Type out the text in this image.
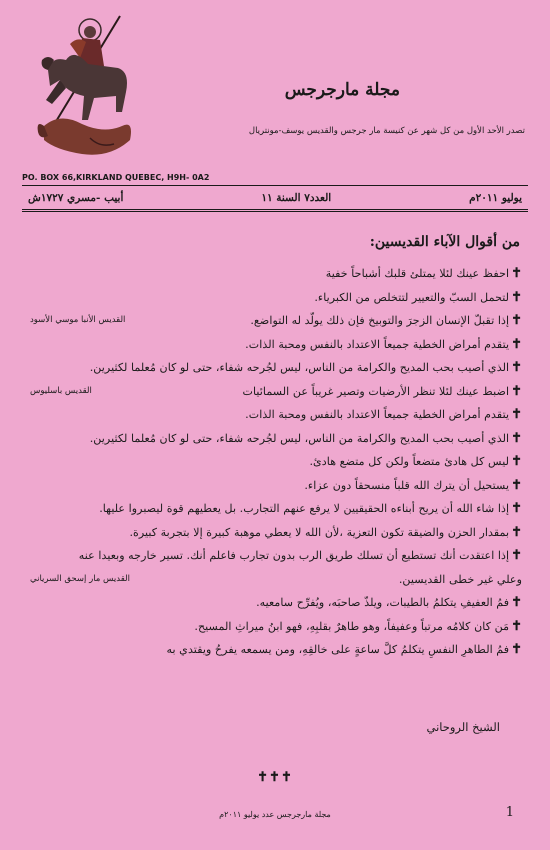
مجلة مارجرجس
تصدر الأحد الأول من كل شهر عن كنيسة مار جرجس والقديس يوسف-مونتريال
PO. BOX 66,KIRKLAND QUEBEC, H9H- 0A2
يوليو ٢٠١١م
العدد٧ السنة ١١
أبيب -مسري ١٧٢٧ش
من أقوال الآباء القديسين:
✝احفظ عينك لئلا يمتلئ قلبك أشباحاً خفية
✝لتحمل السبّ والتعيير لتتخلص من الكبرياء.
✝إذا تقبلّ الإنسان الزجرَ والتوبيخ فإن ذلك يولّد له التواضع.
القديس الأنبا موسي الأسود
✝يتقدم أمراض الخطية جميعاً الاعتداد بالنفس ومحبة الذات.
✝الذي أصيب بحب المديح والكرامة من الناس، ليس لجُرحه شفاء، حتى لو كان مُعلما لكثيرين.
✝اضبط عينك لئلا تنظر الأرضيات وتصير غريباً عن السمائيات
القديس باسليوس
✝يتقدم أمراض الخطية جميعاً الاعتداد بالنفس ومحبة الذات.
✝الذي أصيب بحب المديح والكرامة من الناس، ليس لجُرحه شفاء، حتى لو كان مُعلما لكثيرين.
✝ليس كل هادئ متضعاً ولكن كل متضع هادئ.
✝يستحيل أن يترك الله قلباً منسحقاً دون عزاء.
✝إذا شاء الله أن يريح أبناءه الحقيقيين لا يرفع عنهم التجارب. بل يعطيهم قوة ليصبروا عليها.
✝بمقدار الحزن والضيقة تكون التعزية ،لأن الله لا يعطي موهبة كبيرة إلا بتجربة كبيرة.
✝إذا اعتقدت أنك تستطيع أن تسلك طريق الرب بدون تجارب فاعلم أنك. تسير خارجه وبعيدا عنه
وعلي غير خطى القديسين.
القديس مار إسحق السرياني
✝فمُ العفيفِ يتكلمُ بالطيبات، ويلذّ صاحبَه، ويُفرِّح سامعيه.
✝مَن كان كلامُه مرتباً وعفيفاً، وهو طاهرٌ بقلبِهِ، فهو ابنُ ميراثِ المسيح.
✝فمُ الطاهرِ النفسِ يتكلمُ كلَّ ساعةٍ على خالقِهِ، ومن يسمعه يفرحُ ويقتدي به
الشيخ الروحاني
✝✝✝
مجلة مارجرجس عدد يوليو ٢٠١١م	1
